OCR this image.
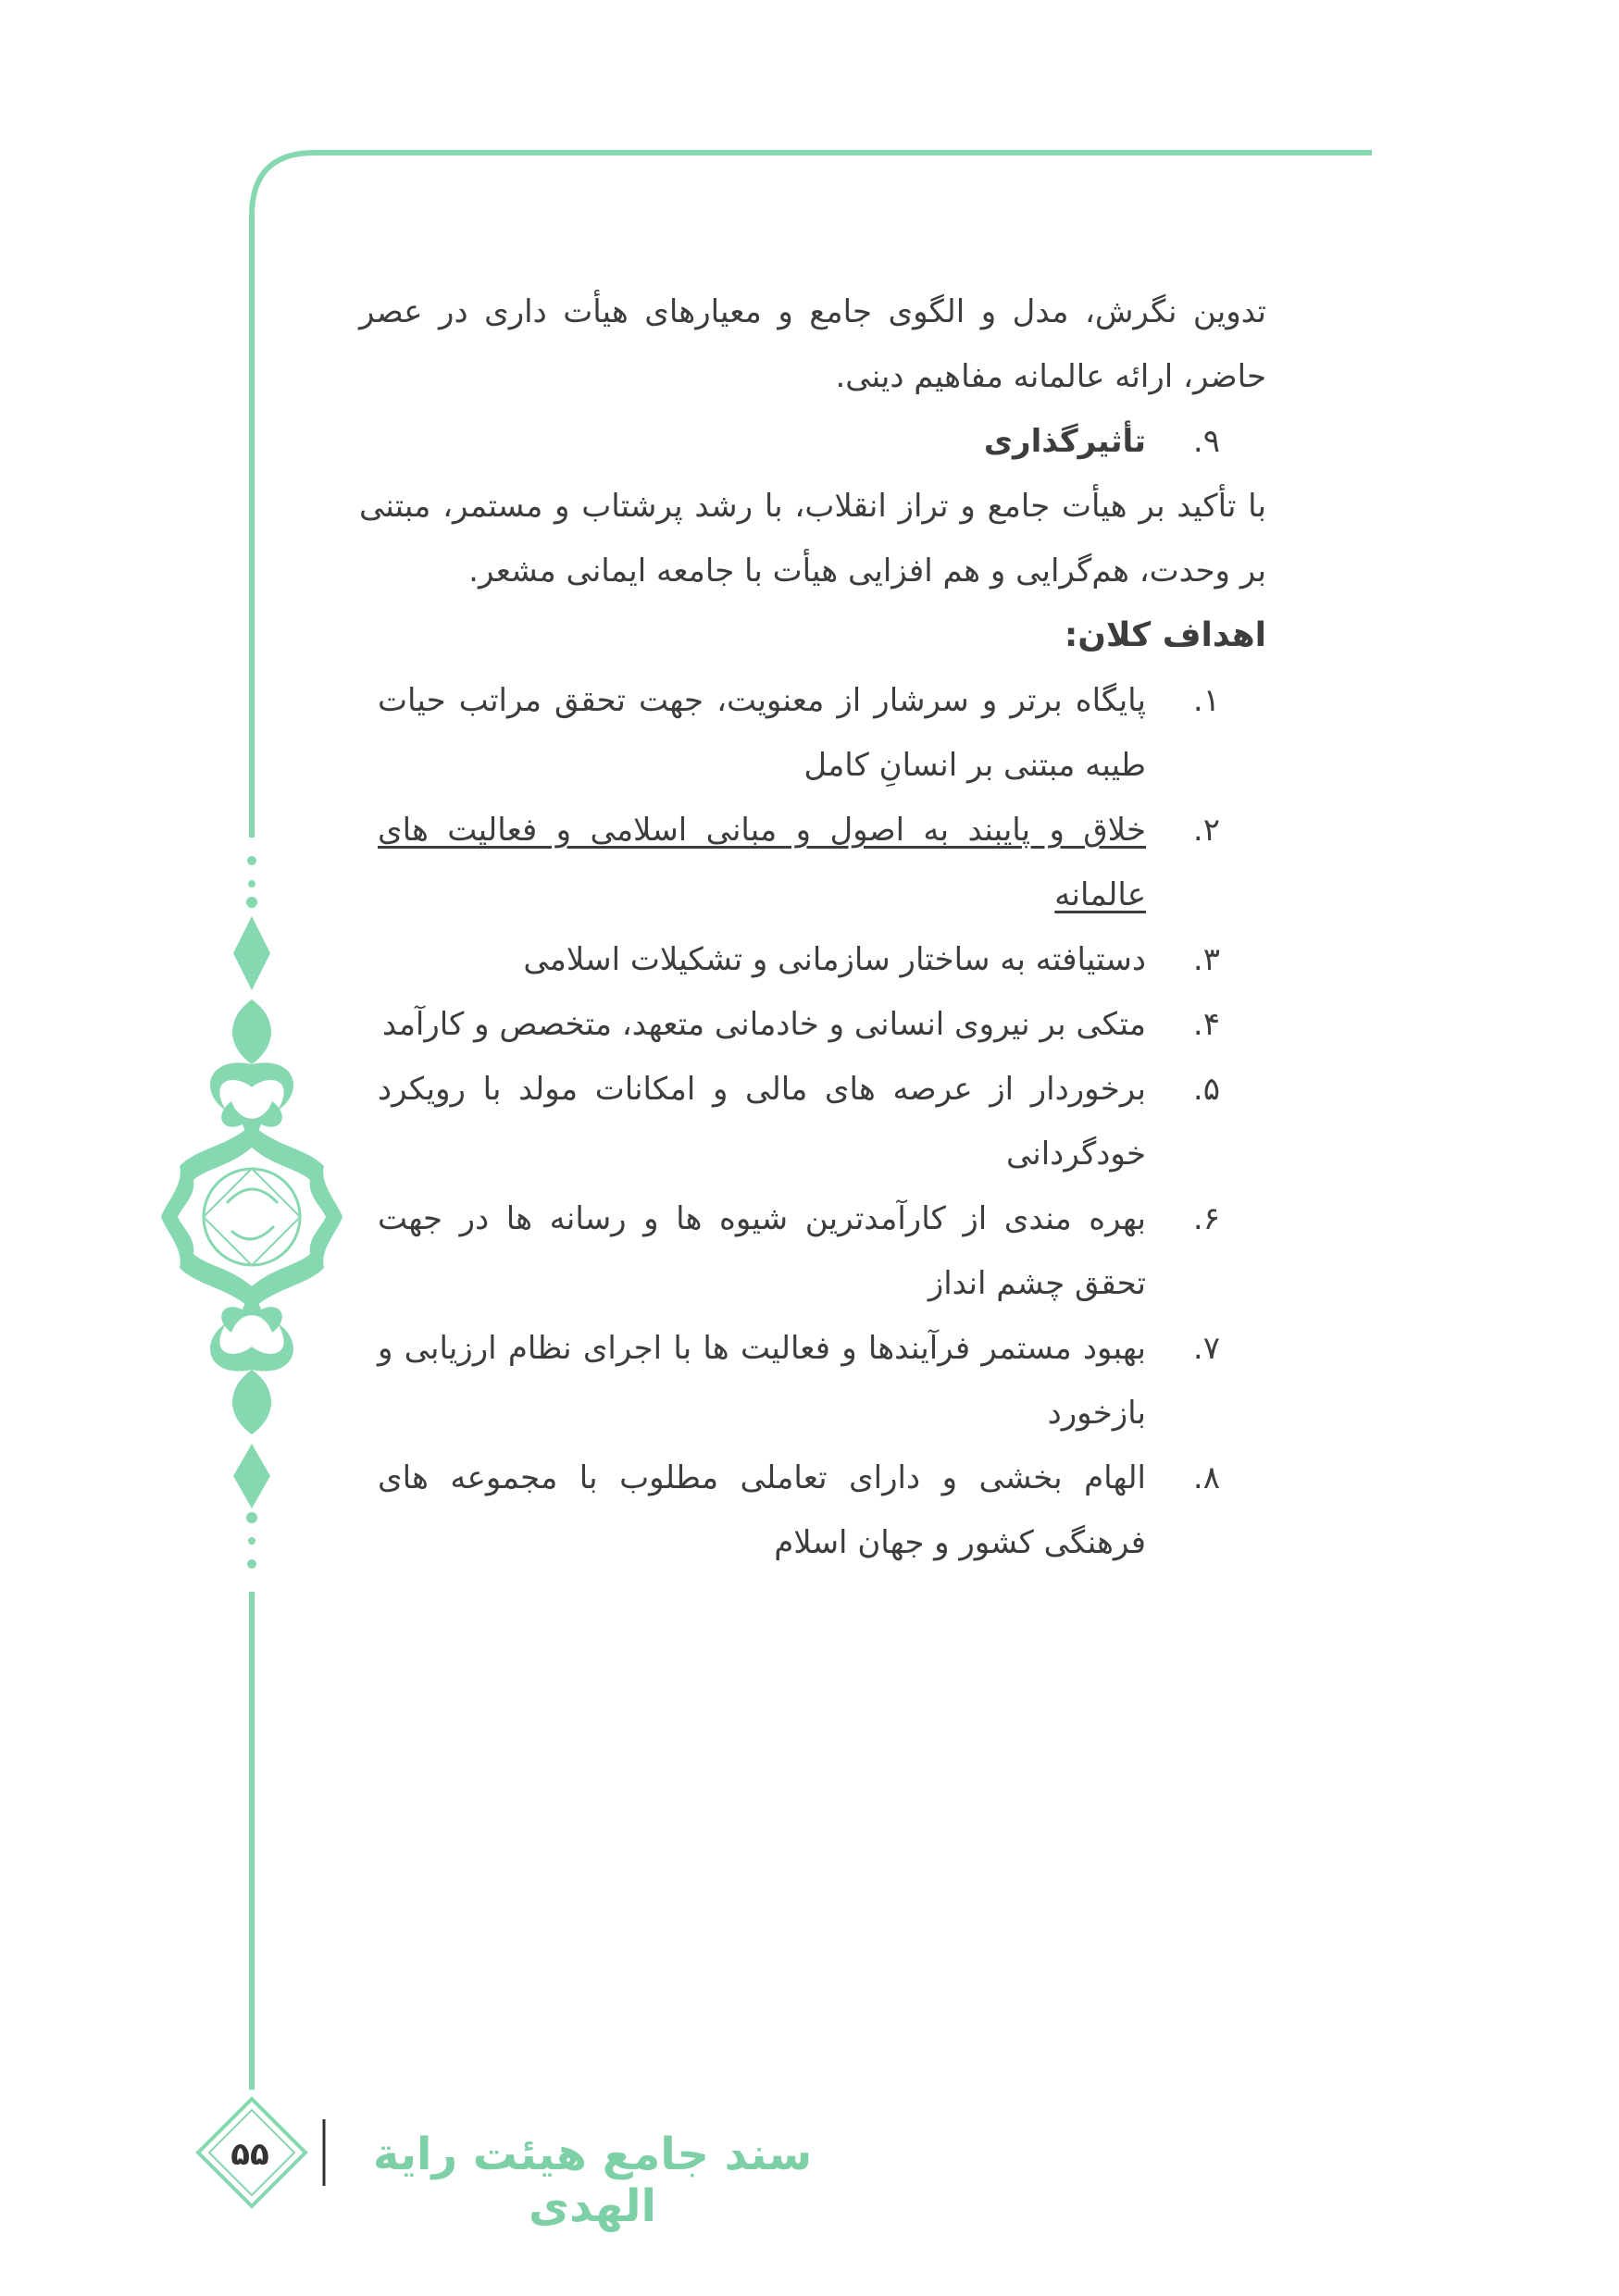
تدوین نگرش، مدل و الگوی جامع و معیارهای هیأت داری در عصر حاضر، ارائه عالمانه مفاهیم دینی.

۹.
تأثیرگذاری

با تأکید بر هیأت جامع و تراز انقلاب، با رشد پرشتاب و مستمر، مبتنی بر وحدت، هم‌گرایی و هم افزایی هیأت با جامعه ایمانی مشعر.

اهداف کلان:

۱.
پایگاه برتر و سرشار از معنویت، جهت تحقق مراتب حیات طیبه مبتنی بر انسانِ کامل
۲.
خلاق و پایبند به اصول و مبانی اسلامی و فعالیت های عالمانه
۳.
دستیافته به ساختار سازمانی و تشکیلات اسلامی
۴.
متکی بر نیروی انسانی و خادمانی متعهد، متخصص و کارآمد
۵.
برخوردار از عرصه های مالی و امکانات مولد با رویکرد خودگردانی
۶.
بهره مندی از کارآمدترین شیوه ها و رسانه ها در جهت تحقق چشم انداز
۷.
بهبود مستمر فرآیندها و فعالیت ها با اجرای نظام ارزیابی و بازخورد
۸.
الهام بخشی و دارای تعاملی مطلوب با مجموعه های فرهنگی کشور و جهان اسلام
سند جامع هیئت رایة الهدی
۵۵
